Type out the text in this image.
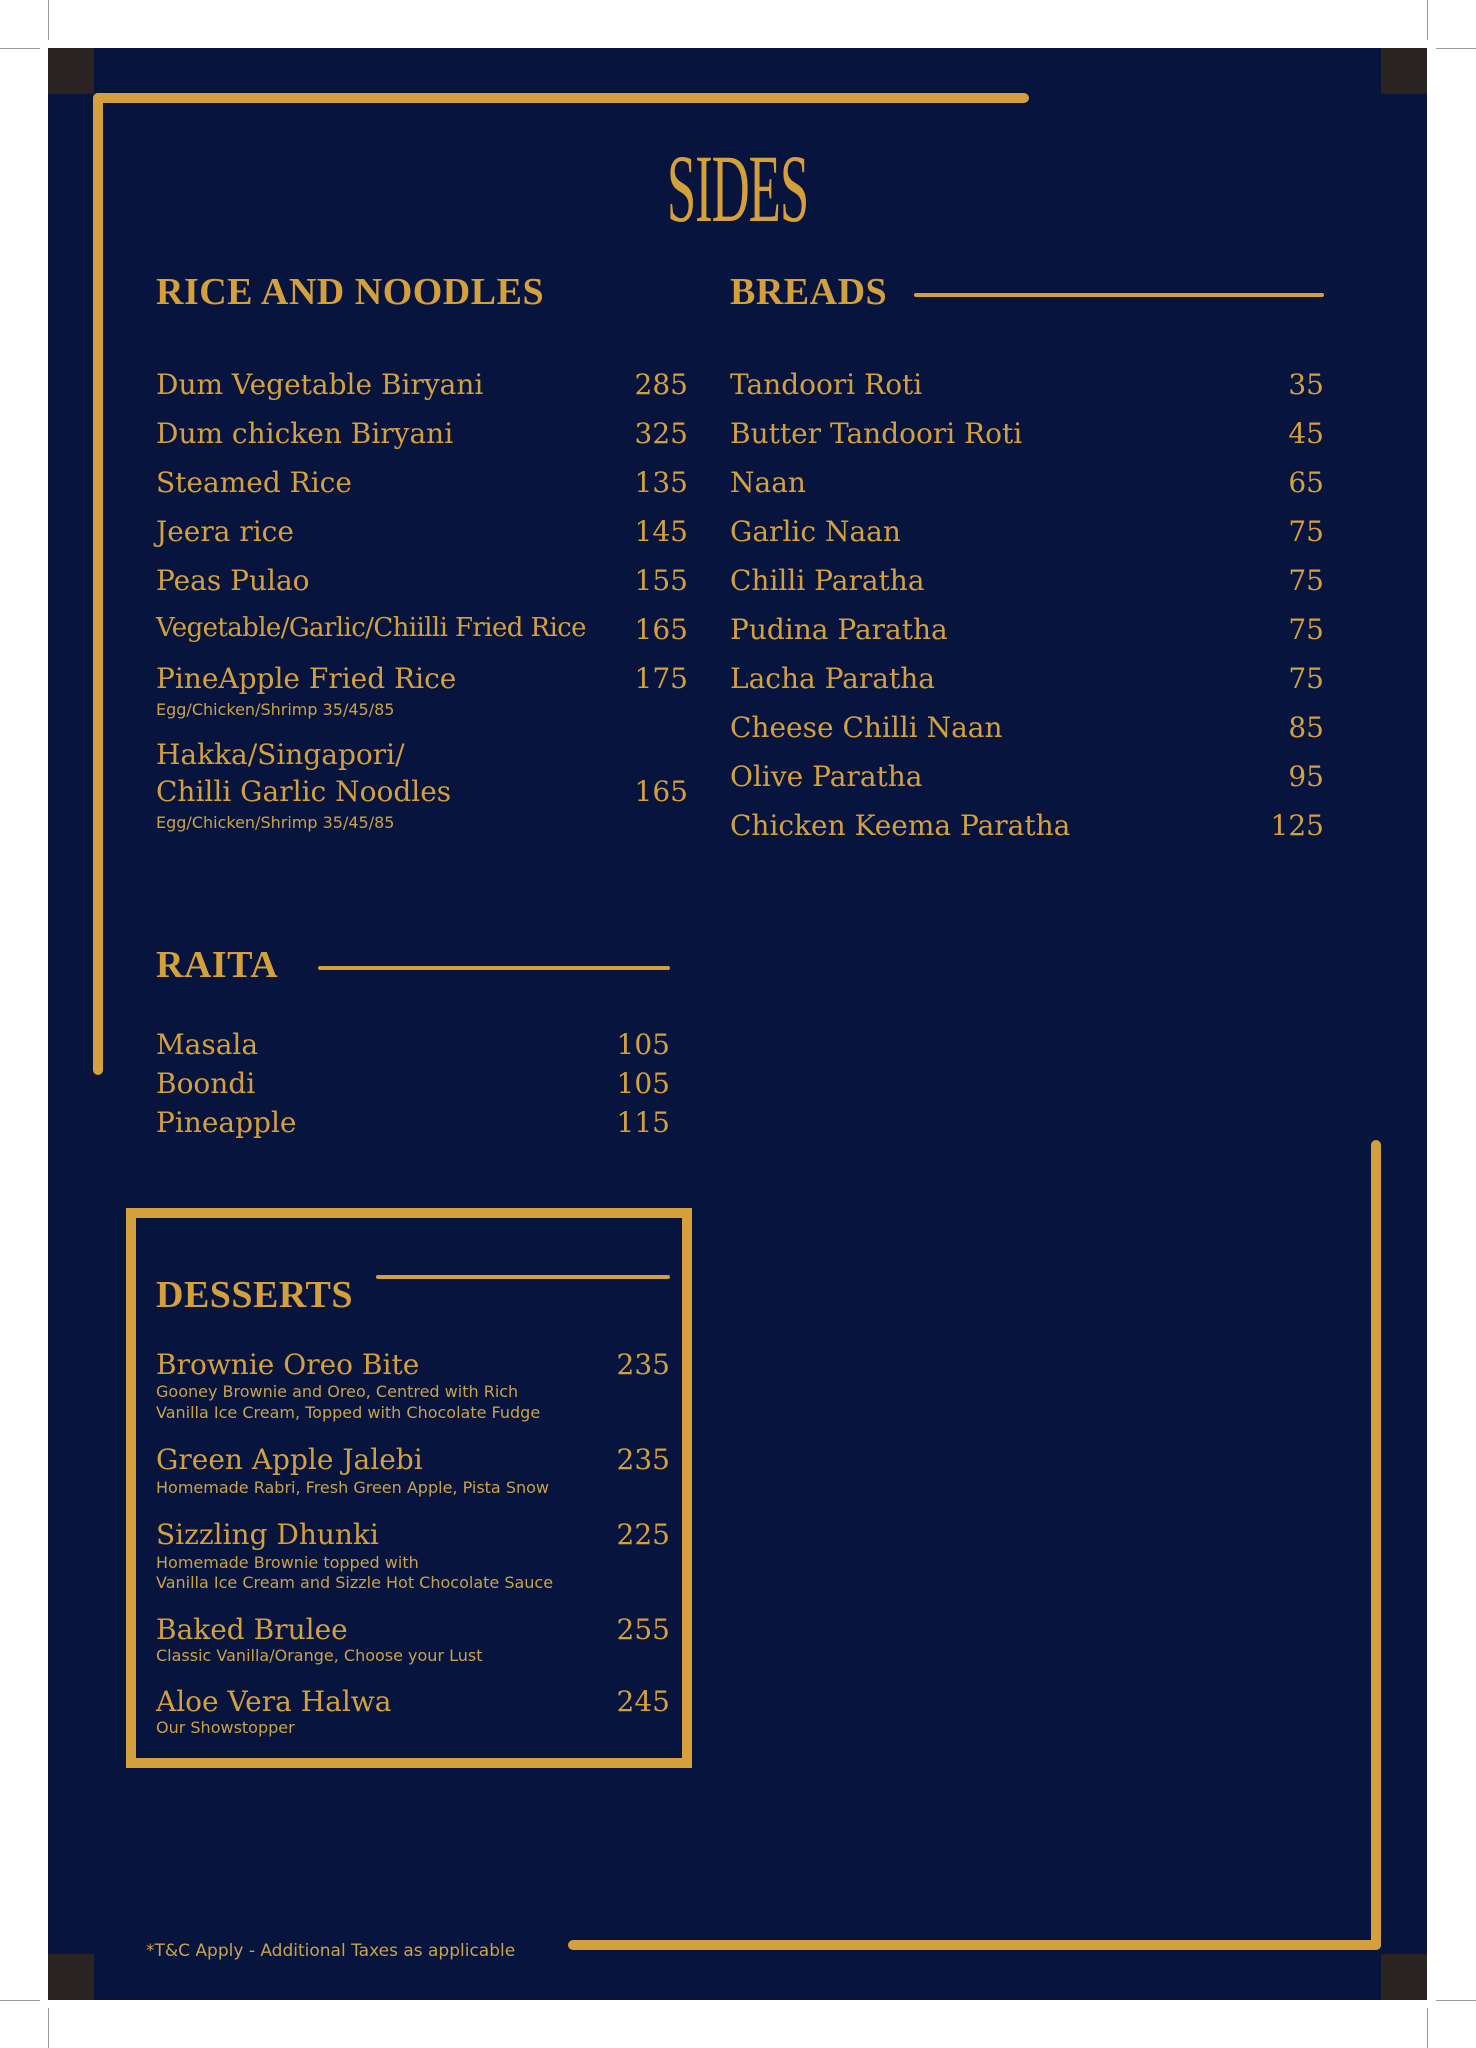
SIDES
RICE AND NOODLES
Dum Vegetable Biryani	285
Dum chicken Biryani	325
Steamed Rice	135
Jeera rice	145
Peas Pulao	155
Vegetable/Garlic/Chiilli Fried Rice	165
PineApple Fried Rice	175
Egg/Chicken/Shrimp 35/45/85
Hakka/Singapori/
Chilli Garlic Noodles	165
Egg/Chicken/Shrimp 35/45/85
BREADS
Tandoori Roti	35
Butter Tandoori Roti	45
Naan	65
Garlic Naan	75
Chilli Paratha	75
Pudina Paratha	75
Lacha Paratha	75
Cheese Chilli Naan	85
Olive Paratha	95
Chicken Keema Paratha	125
RAITA
Masala	105
Boondi	105
Pineapple	115
DESSERTS
Brownie Oreo Bite	235
Gooney Brownie and Oreo, Centred with Rich
Vanilla Ice Cream, Topped with Chocolate Fudge
Green Apple Jalebi	235
Homemade Rabri, Fresh Green Apple, Pista Snow
Sizzling Dhunki	225
Homemade Brownie topped with
Vanilla Ice Cream and Sizzle Hot Chocolate Sauce
Baked Brulee	255
Classic Vanilla/Orange, Choose your Lust
Aloe Vera Halwa	245
Our Showstopper
*T&C Apply - Additional Taxes as applicable
